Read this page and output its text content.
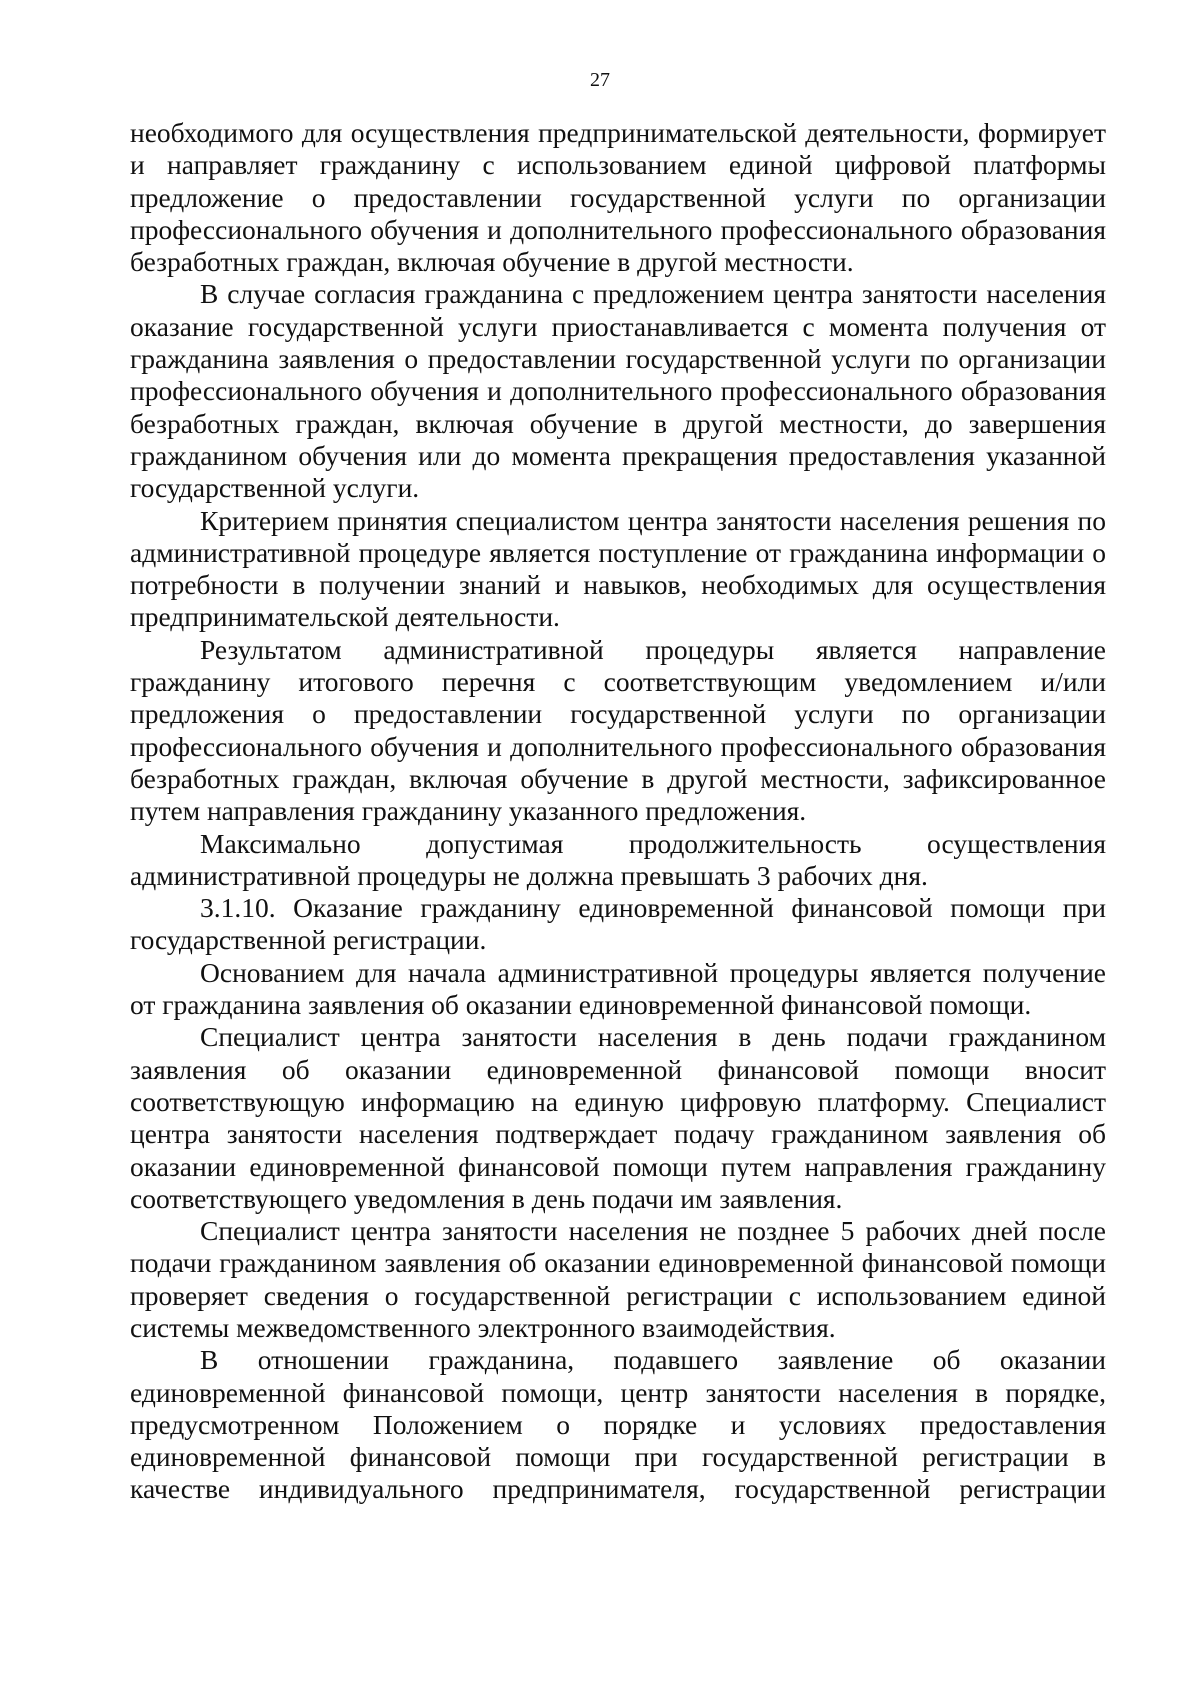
27

необходимого для осуществления предпринимательской деятельности, формирует и направляет гражданину с использованием единой цифровой платформы предложение о предоставлении государственной услуги по организации профессионального обучения и дополнительного профессионального образования безработных граждан, включая обучение в другой местности.

В случае согласия гражданина с предложением центра занятости населения оказание государственной услуги приостанавливается с момента получения от гражданина заявления о предоставлении государственной услуги по организации профессионального обучения и дополнительного профессионального образования безработных граждан, включая обучение в другой местности, до завершения гражданином обучения или до момента прекращения предоставления указанной государственной услуги.

Критерием принятия специалистом центра занятости населения решения по административной процедуре является поступление от гражданина информации о потребности в получении знаний и навыков, необходимых для осуществления предпринимательской деятельности.

Результатом административной процедуры является направление гражданину итогового перечня с соответствующим уведомлением и/или предложения о предоставлении государственной услуги по организации профессионального обучения и дополнительного профессионального образования безработных граждан, включая обучение в другой местности, зафиксированное путем направления гражданину указанного предложения.

Максимально допустимая продолжительность осуществления административной процедуры не должна превышать 3 рабочих дня.

3.1.10. Оказание гражданину единовременной финансовой помощи при государственной регистрации.

Основанием для начала административной процедуры является получение от гражданина заявления об оказании единовременной финансовой помощи.

Специалист центра занятости населения в день подачи гражданином заявления об оказании единовременной финансовой помощи вносит соответствующую информацию на единую цифровую платформу. Специалист центра занятости населения подтверждает подачу гражданином заявления об оказании единовременной финансовой помощи путем направления гражданину соответствующего уведомления в день подачи им заявления.

Специалист центра занятости населения не позднее 5 рабочих дней после подачи гражданином заявления об оказании единовременной финансовой помощи проверяет сведения о государственной регистрации с использованием единой системы межведомственного электронного взаимодействия.

В отношении гражданина, подавшего заявление об оказании единовременной финансовой помощи, центр занятости населения в порядке, предусмотренном Положением о порядке и условиях предоставления единовременной финансовой помощи при государственной регистрации в качестве индивидуального предпринимателя, государственной регистрации
